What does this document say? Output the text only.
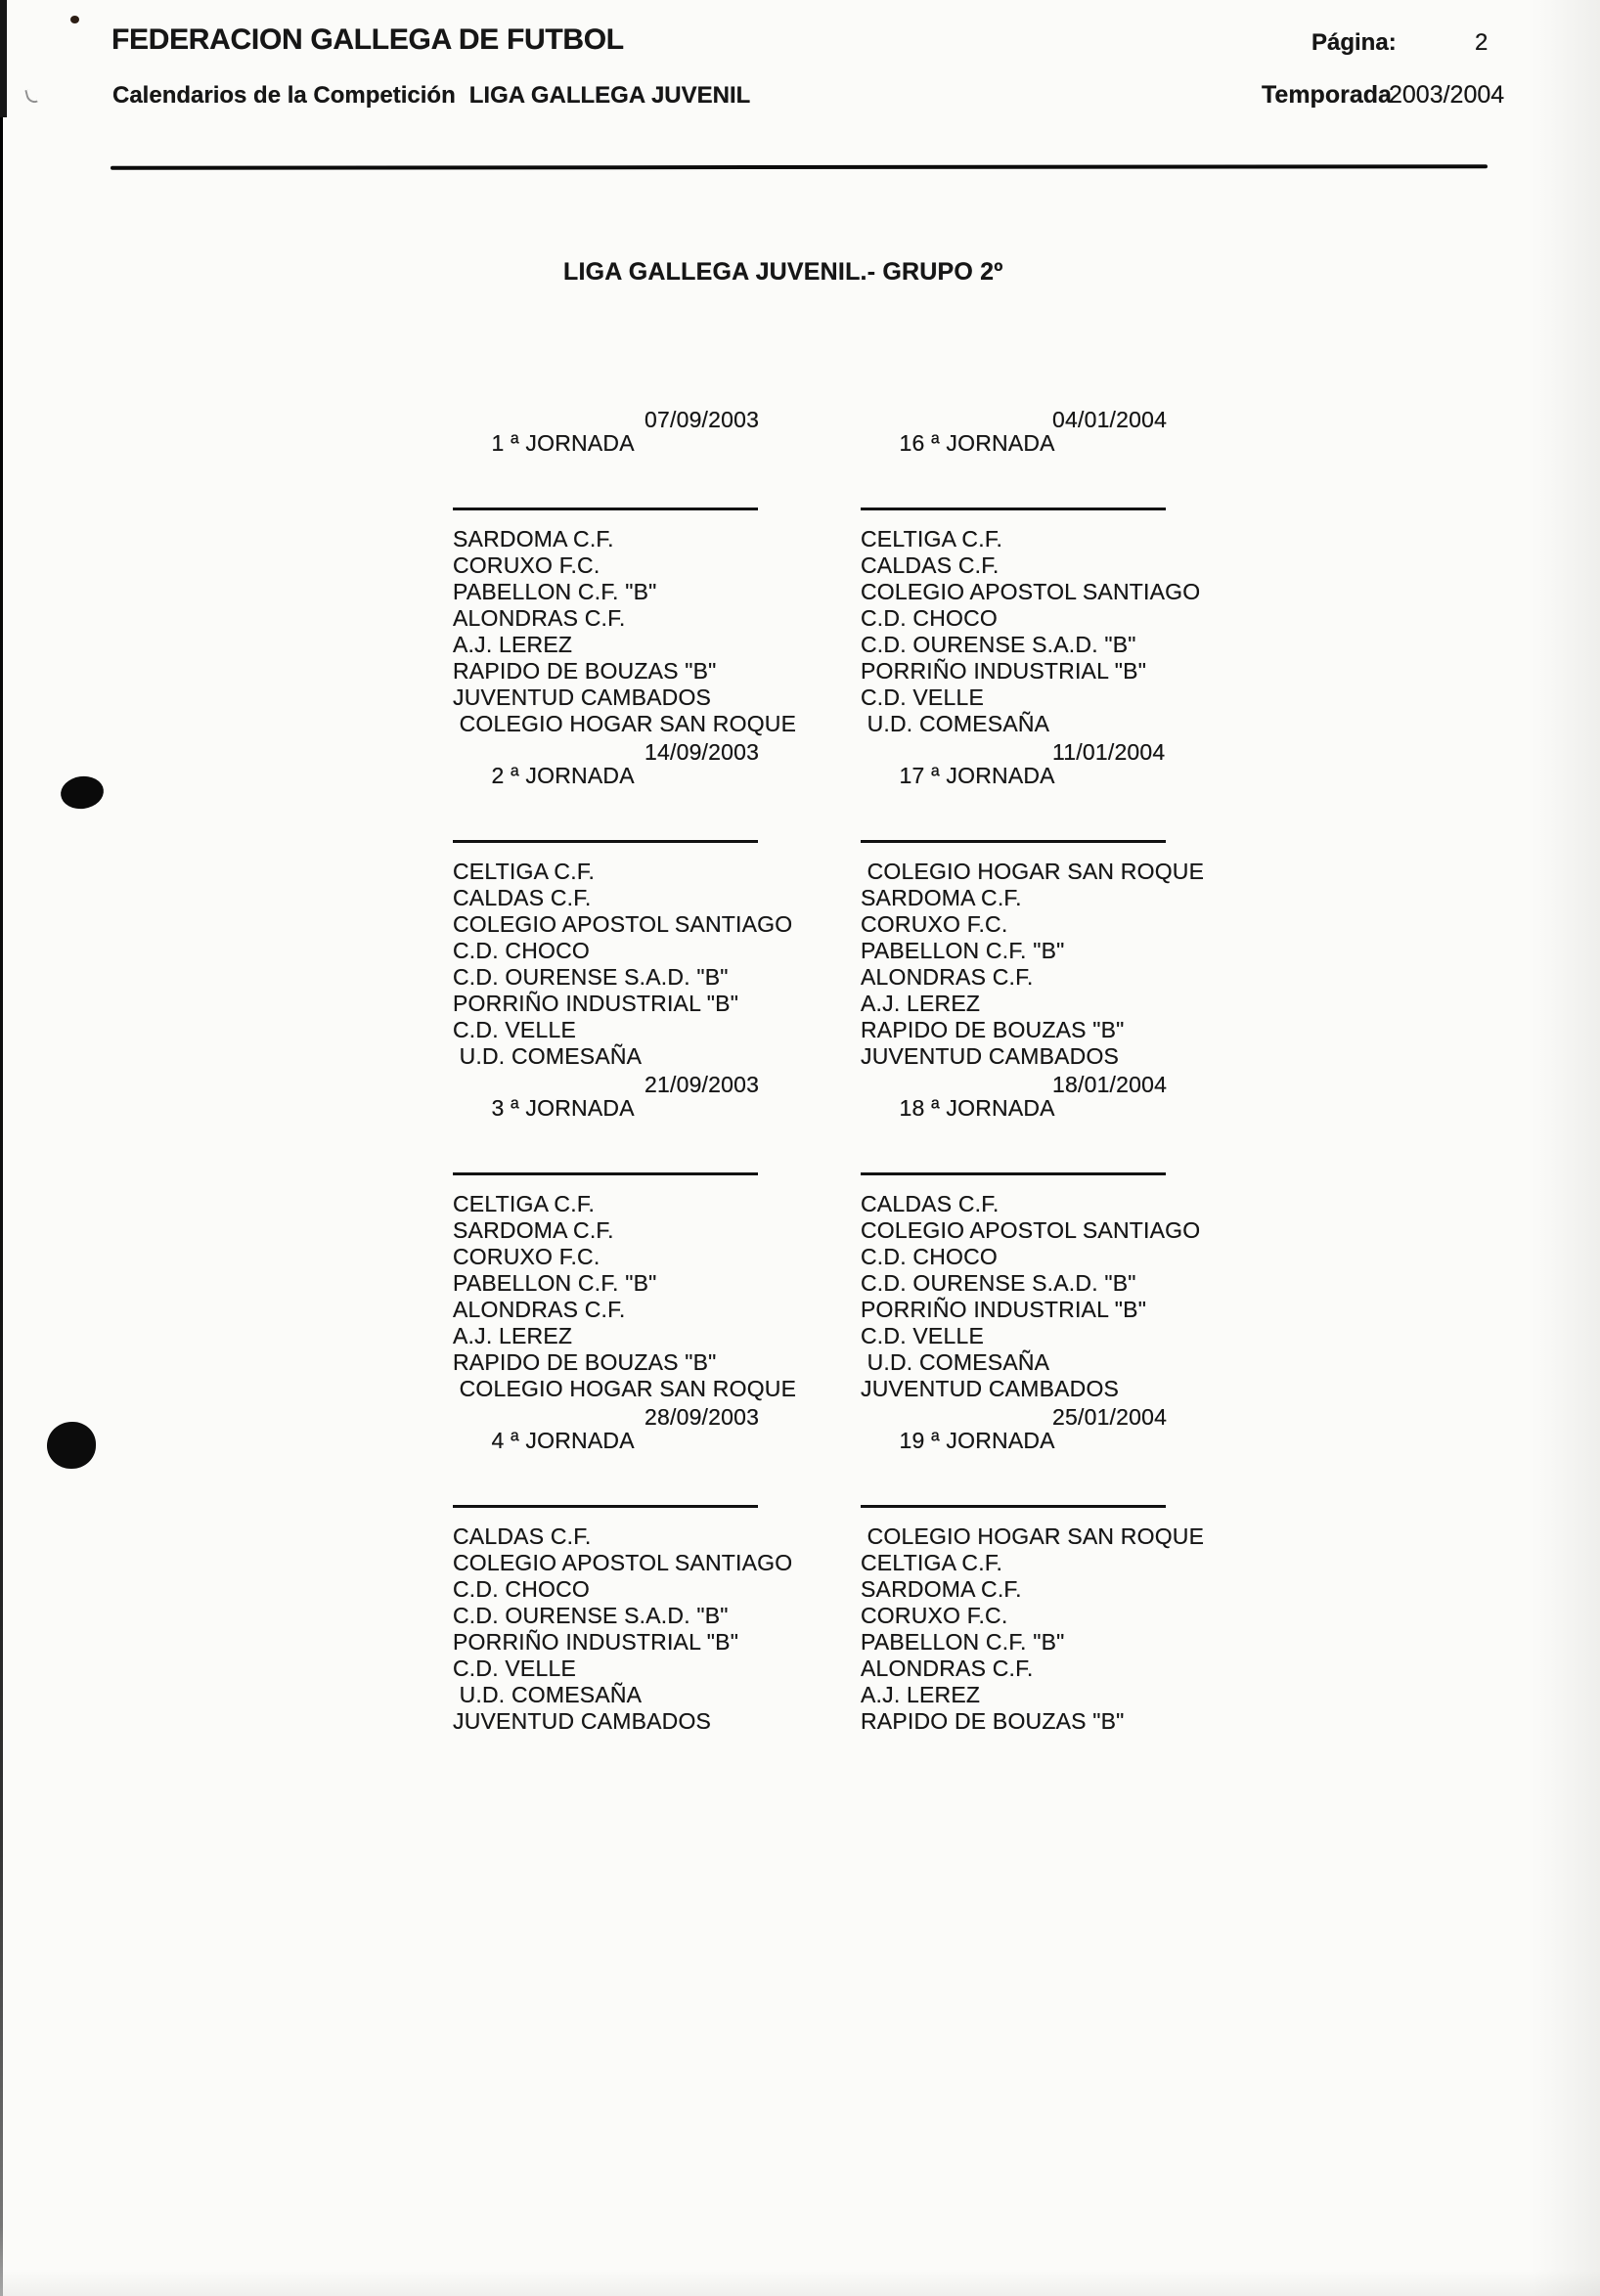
FEDERACION GALLEGA DE FUTBOL	Página:	2
Calendarios de la Competición LIGA GALLEGA JUVENIL	Temporada
2003/2004
LIGA GALLEGA JUVENIL.- GRUPO 2º

1 ª JORNADA

07/09/2003

SARDOMA C.F.
CORUXO F.C.
PABELLON C.F. "B"
ALONDRAS C.F.
A.J. LEREZ
RAPIDO DE BOUZAS "B"
JUVENTUD CAMBADOS
COLEGIO HOGAR SAN ROQUE

2 ª JORNADA

14/09/2003

CELTIGA C.F.
CALDAS C.F.
COLEGIO APOSTOL SANTIAGO
C.D. CHOCO
C.D. OURENSE S.A.D. "B"
PORRIÑO INDUSTRIAL "B"
C.D. VELLE
U.D. COMESAÑA

3 ª JORNADA

21/09/2003

CELTIGA C.F.
SARDOMA C.F.
CORUXO F.C.
PABELLON C.F. "B"
ALONDRAS C.F.
A.J. LEREZ
RAPIDO DE BOUZAS "B"
COLEGIO HOGAR SAN ROQUE

4 ª JORNADA

28/09/2003

CALDAS C.F.
COLEGIO APOSTOL SANTIAGO
C.D. CHOCO
C.D. OURENSE S.A.D. "B"
PORRIÑO INDUSTRIAL "B"
C.D. VELLE
U.D. COMESAÑA
JUVENTUD CAMBADOS

16 ª JORNADA

04/01/2004

CELTIGA C.F.
CALDAS C.F.
COLEGIO APOSTOL SANTIAGO
C.D. CHOCO
C.D. OURENSE S.A.D. "B"
PORRIÑO INDUSTRIAL "B"
C.D. VELLE
U.D. COMESAÑA

17 ª JORNADA

11/01/2004

COLEGIO HOGAR SAN ROQUE
SARDOMA C.F.
CORUXO F.C.
PABELLON C.F. "B"
ALONDRAS C.F.
A.J. LEREZ
RAPIDO DE BOUZAS "B"
JUVENTUD CAMBADOS

18 ª JORNADA

18/01/2004

CALDAS C.F.
COLEGIO APOSTOL SANTIAGO
C.D. CHOCO
C.D. OURENSE S.A.D. "B"
PORRIÑO INDUSTRIAL "B"
C.D. VELLE
U.D. COMESAÑA
JUVENTUD CAMBADOS

19 ª JORNADA

25/01/2004

COLEGIO HOGAR SAN ROQUE
CELTIGA C.F.
SARDOMA C.F.
CORUXO F.C.
PABELLON C.F. "B"
ALONDRAS C.F.
A.J. LEREZ
RAPIDO DE BOUZAS "B"
